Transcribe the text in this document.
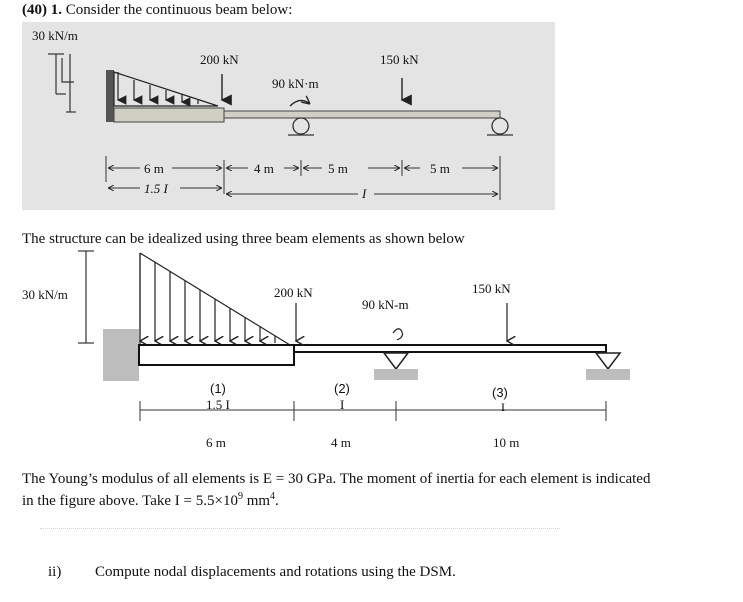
(40) 1. Consider the continuous beam below:
30 kN/m
200 kN
90 kN·m
150 kN
6 m	4 m	5 m	5 m
1.5 I	I
The structure can be idealized using three beam elements as shown below
30 kN/m	200 kN
90 kN-m
150 kN
(1)
1.5 I
6 m
(2)
I
4 m
(3)
I
10 m
The Young’s modulus of all elements is E = 30 GPa. The moment of inertia for each element is indicated
in the figure above. Take $I = 5.5\times 10^9$ $mm^4$.
ii) Compute nodal displacements and rotations using the DSM.
